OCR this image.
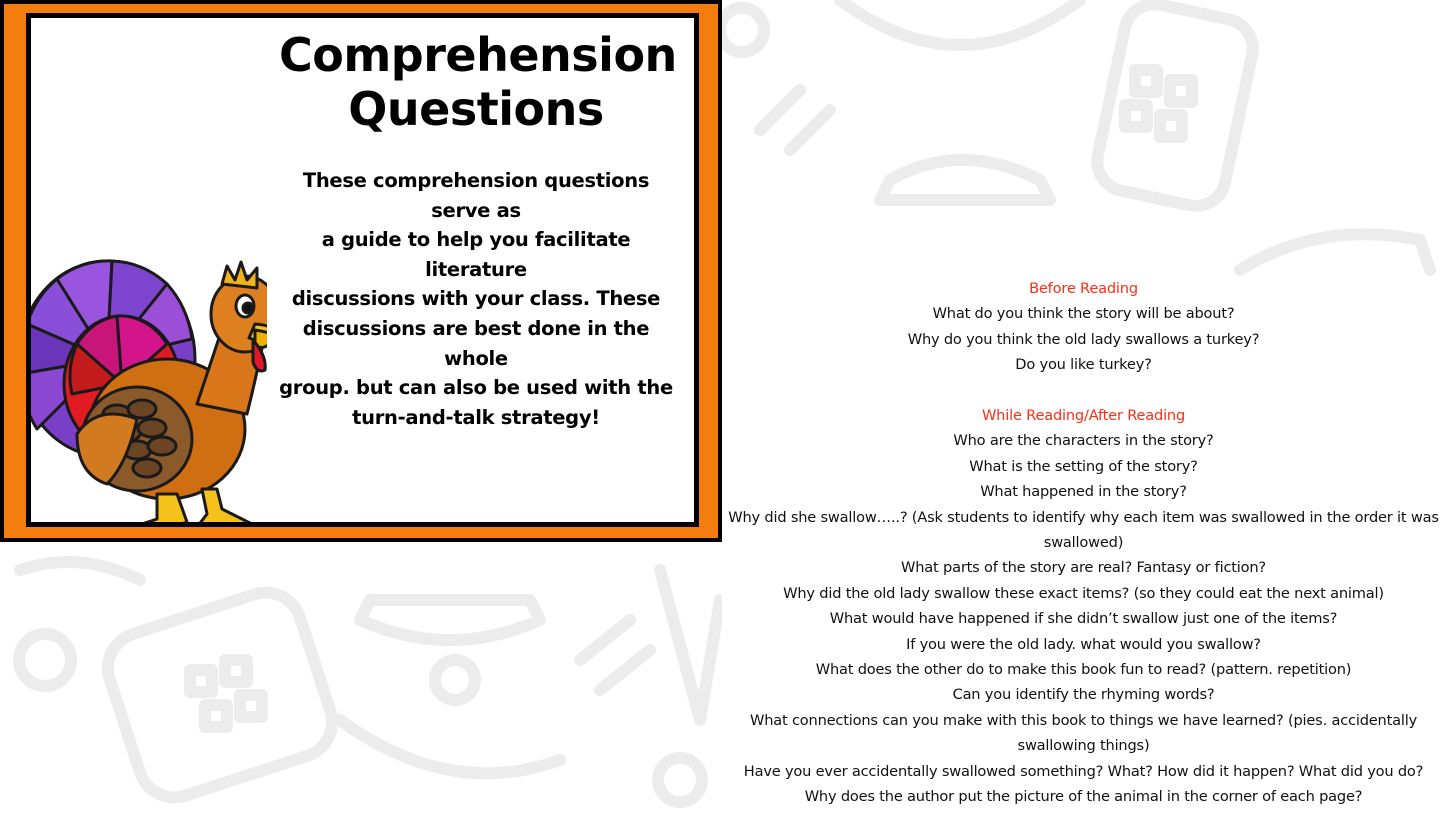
Comprehension
Questions
These comprehension questions serve as
a guide to help you facilitate literature
discussions with your class. These
discussions are best done in the whole
group. but can also be used with the
turn-and-talk strategy!
Before Reading
What do you think the story will be about?
Why do you think the old lady swallows a turkey?
Do you like turkey?
While Reading/After Reading
Who are the characters in the story?
What is the setting of the story?
What happened in the story?
Why did she swallow…..? (Ask students to identify why each item was swallowed in the order it was
swallowed)
What parts of the story are real? Fantasy or fiction?
Why did the old lady swallow these exact items? (so they could eat the next animal)
What would have happened if she didn’t swallow just one of the items?
If you were the old lady. what would you swallow?
What does the other do to make this book fun to read? (pattern. repetition)
Can you identify the rhyming words?
What connections can you make with this book to things we have learned? (pies. accidentally
swallowing things)
Have you ever accidentally swallowed something? What? How did it happen? What did you do?
Why does the author put the picture of the animal in the corner of each page?
